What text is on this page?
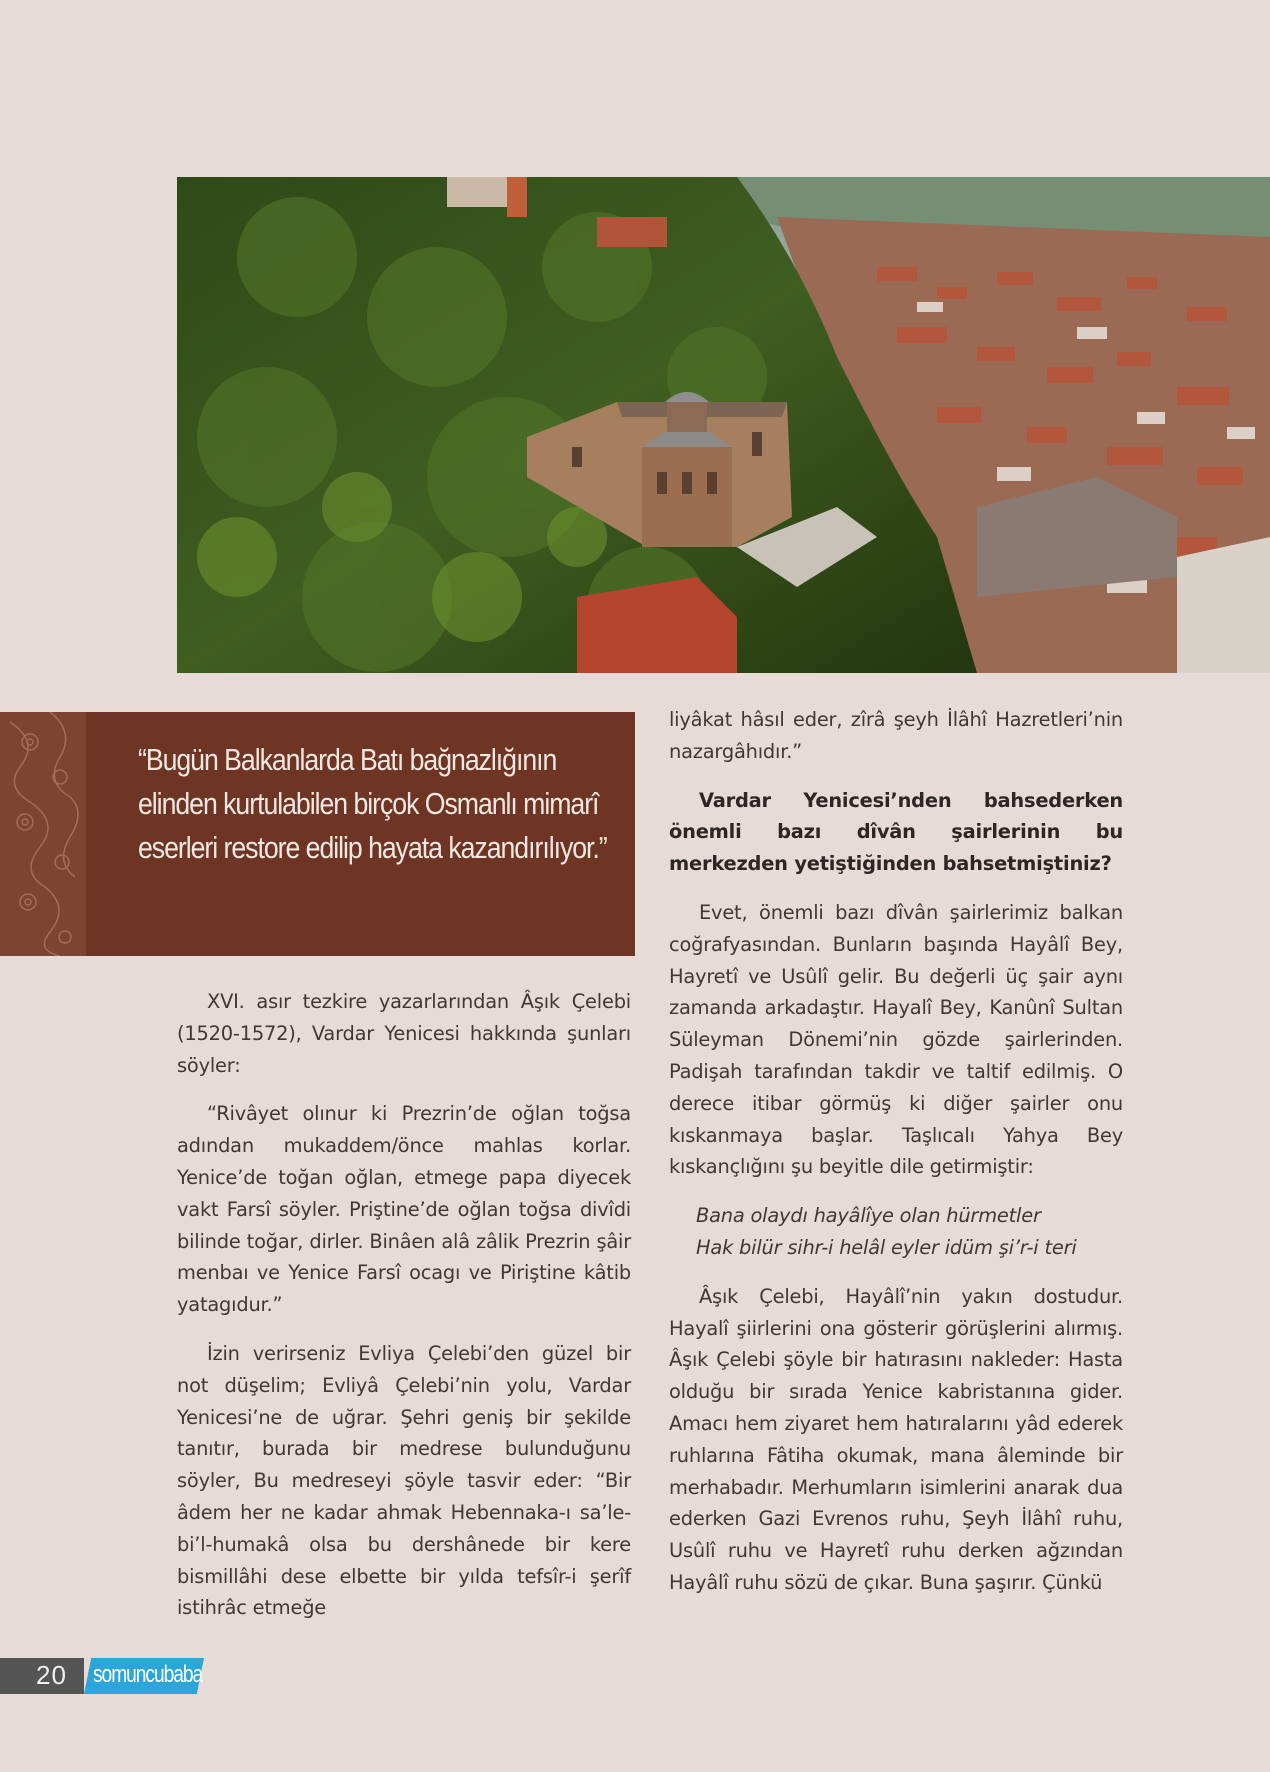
“Bugün Balkanlarda Batı bağnazlığının elinden kurtulabilen birçok Osmanlı mimarî eserleri restore edilip hayata kazandırılıyor.”

XVI. asır tezkire yazarlarından Âşık Çelebi (1520-1572), Vardar Yenicesi hakkında şunları söyler:

“Rivâyet olınur ki Prezrin’de oğlan toğsa adından mukaddem/önce mahlas korlar. Yenice’de toğan oğlan, etmege papa diyecek vakt Farsî söyler. Priştine’de oğlan toğsa divîdi bilinde toğar, dirler. Binâen alâ zâlik Prezrin şâir menbaı ve Yenice Farsî ocagı ve Piriştine kâtib yatagıdur.”

İzin verirseniz Evliya Çelebi’den güzel bir not düşelim; Evliyâ Çelebi’nin yolu, Vardar Yenicesi’ne de uğrar. Şehri geniş bir şekilde tanıtır, burada bir medrese bulunduğunu söyler, Bu medreseyi şöyle tasvir eder: “Bir âdem her ne kadar ahmak Hebennaka-ı sa’le-bi’l-humakâ olsa bu dershânede bir kere bismillâhi dese elbette bir yılda tefsîr-i şerîf istihrâc etmeğe

liyâkat hâsıl eder, zîrâ şeyh İlâhî Hazretleri’nin nazargâhıdır.”

Vardar Yenicesi’nden bahsederken önemli bazı dîvân şairlerinin bu merkezden yetiştiğinden bahsetmiştiniz?

Evet, önemli bazı dîvân şairlerimiz balkan coğrafyasından. Bunların başında Hayâlî Bey, Hayretî ve Usûlî gelir. Bu değerli üç şair aynı zamanda arkadaştır. Hayalî Bey, Kanûnî Sultan Süleyman Dönemi’nin gözde şairlerinden. Padişah tarafından takdir ve taltif edilmiş. O derece itibar görmüş ki diğer şairler onu kıskanmaya başlar. Taşlıcalı Yahya Bey kıskançlığını şu beyitle dile getirmiştir:

Bana olaydı hayâlîye olan hürmetler

Hak bilür sihr-i helâl eyler idüm şi’r-i teri

Âşık Çelebi, Hayâlî’nin yakın dostudur. Hayalî şiirlerini ona gösterir görüşlerini alırmış. Âşık Çelebi şöyle bir hatırasını nakleder: Hasta olduğu bir sırada Yenice kabristanına gider. Amacı hem ziyaret hem hatıralarını yâd ederek ruhlarına Fâtiha okumak, mana âleminde bir merhabadır. Merhumların isimlerini anarak dua ederken Gazi Evrenos ruhu, Şeyh İlâhî ruhu, Usûlî ruhu ve Hayretî ruhu derken ağzından Hayâlî ruhu sözü de çıkar. Buna şaşırır. Çünkü

20 somuncubaba
